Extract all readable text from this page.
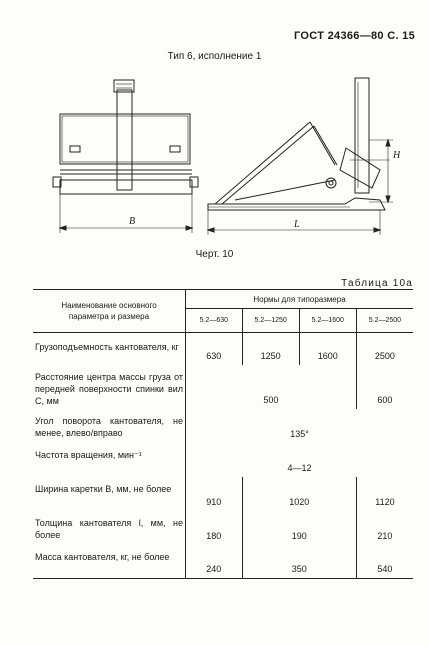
ГОСТ 24366—80 С. 15
Тип 6, исполнение 1
B	L
H
Черт. 10
Таблица 10а
Наименование основного параметра и размера	Нормы для типоразмера			
	5.2—630	5.2—1250	5.2—1600	5.2—2500
Грузоподъемность кантователя, кг	630	1250	1600	2500
Расстояние центра массы груза от передней поверхности спинки вил C, мм	500			600
Угол поворота кантователя, не менее, влево/вправо	135°			
Частота вращения, мин⁻¹	4—12			
Ширина каретки B, мм, не более	910	1020		1120
Толщина кантователя l, мм, не более	180	190		210
Масса кантователя, кг, не более	240	350		540
